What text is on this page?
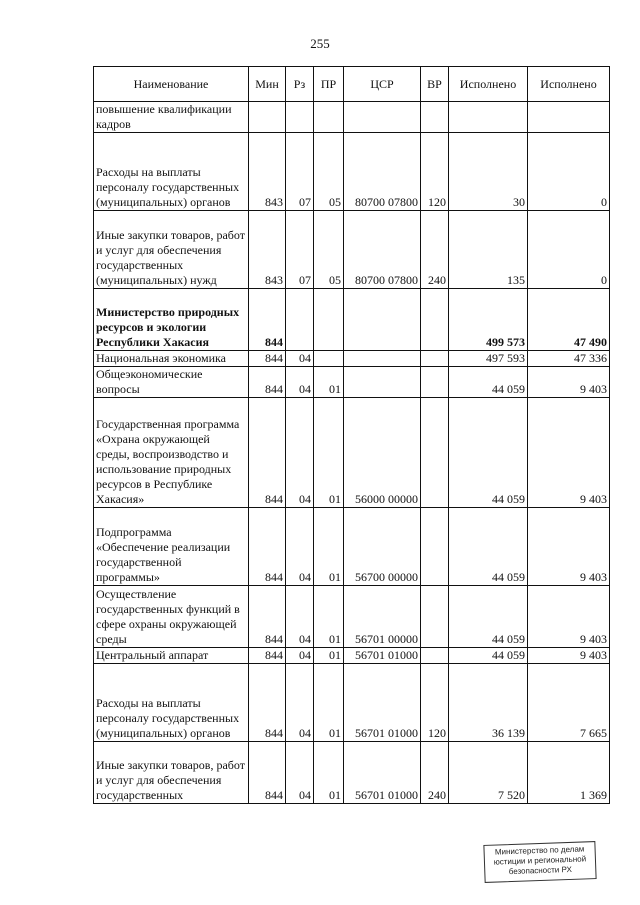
255
Наименование	Мин	Рз	ПР	ЦСР	ВР	Исполнено	Исполнено
повышение квалификации кадров							
Расходы на выплаты персоналу государственных (муниципальных) органов	843	07	05	80700 07800	120	30	0
Иные закупки товаров, работ и услуг для обеспечения государственных (муниципальных) нужд	843	07	05	80700 07800	240	135	0
Министерство природных ресурсов и экологии Республики Хакасия	844					499 573	47 490
Национальная экономика	844	04				497 593	47 336
Общеэкономические вопросы	844	04	01			44 059	9 403
Государственная программа «Охрана окружающей среды, воспроизводство и использование природных ресурсов в Республике Хакасия»	844	04	01	56000 00000		44 059	9 403
Подпрограмма «Обеспечение реализации государственной программы»	844	04	01	56700 00000		44 059	9 403
Осуществление государственных функций в сфере охраны окружающей среды	844	04	01	56701 00000		44 059	9 403
Центральный аппарат	844	04	01	56701 01000		44 059	9 403
Расходы на выплаты персоналу государственных (муниципальных) органов	844	04	01	56701 01000	120	36 139	7 665
Иные закупки товаров, работ и услуг для обеспечения государственных	844	04	01	56701 01000	240	7 520	1 369
Министерство по делам
юстиции и региональной
безопасности РХ
